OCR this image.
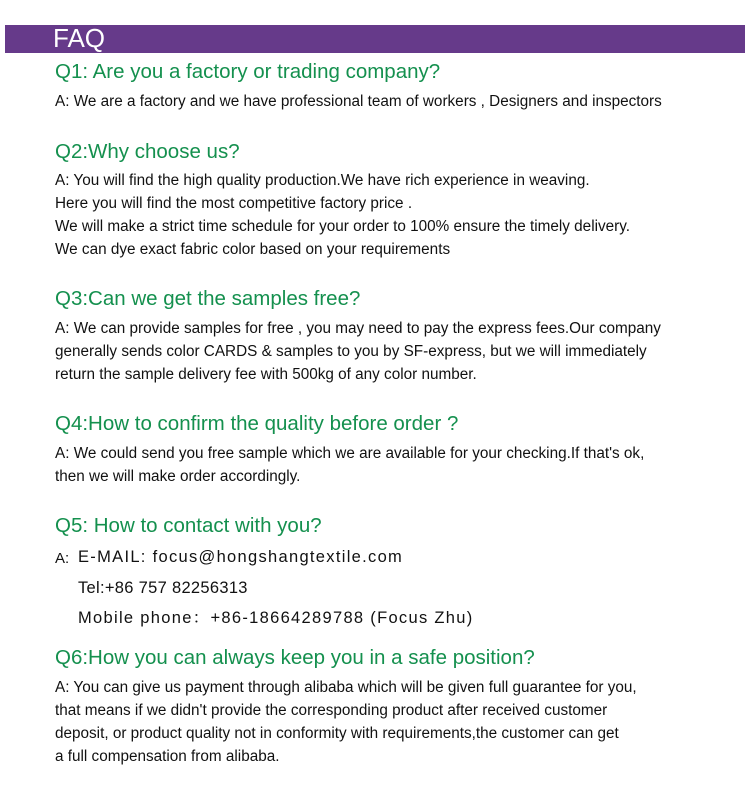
FAQ
Q1: Are you a factory or trading company?
A: We are a factory and we have professional team of workers , Designers and inspectors
Q2:Why choose us?
A: You will find the high quality production.We have rich experience in weaving.
Here you will find the most competitive factory price .
We will make a strict time schedule for your order to 100% ensure the timely delivery.
We can dye exact fabric color based on your requirements
Q3:Can we get the samples free?
A: We can provide samples for free , you may need to pay the express fees.Our company
generally sends color CARDS & samples to you by SF-express, but we will immediately
return the sample delivery fee with 500kg of any color number.
Q4:How to confirm the quality before order ?
A: We could send you free sample which we are available for your checking.If that's ok,
then we will make order accordingly.
Q5: How to contact with you?
A: E-MAIL: focus@hongshangtextile.com
Tel:+86 757 82256313
Mobile phone：+86-18664289788 (Focus Zhu)
Q6:How you can always keep you in a safe position?
A: You can give us payment through alibaba which will be given full guarantee for you,
that means if we didn't provide the corresponding product after received customer
deposit, or product quality not in conformity with requirements,the customer can get
a full compensation from alibaba.
